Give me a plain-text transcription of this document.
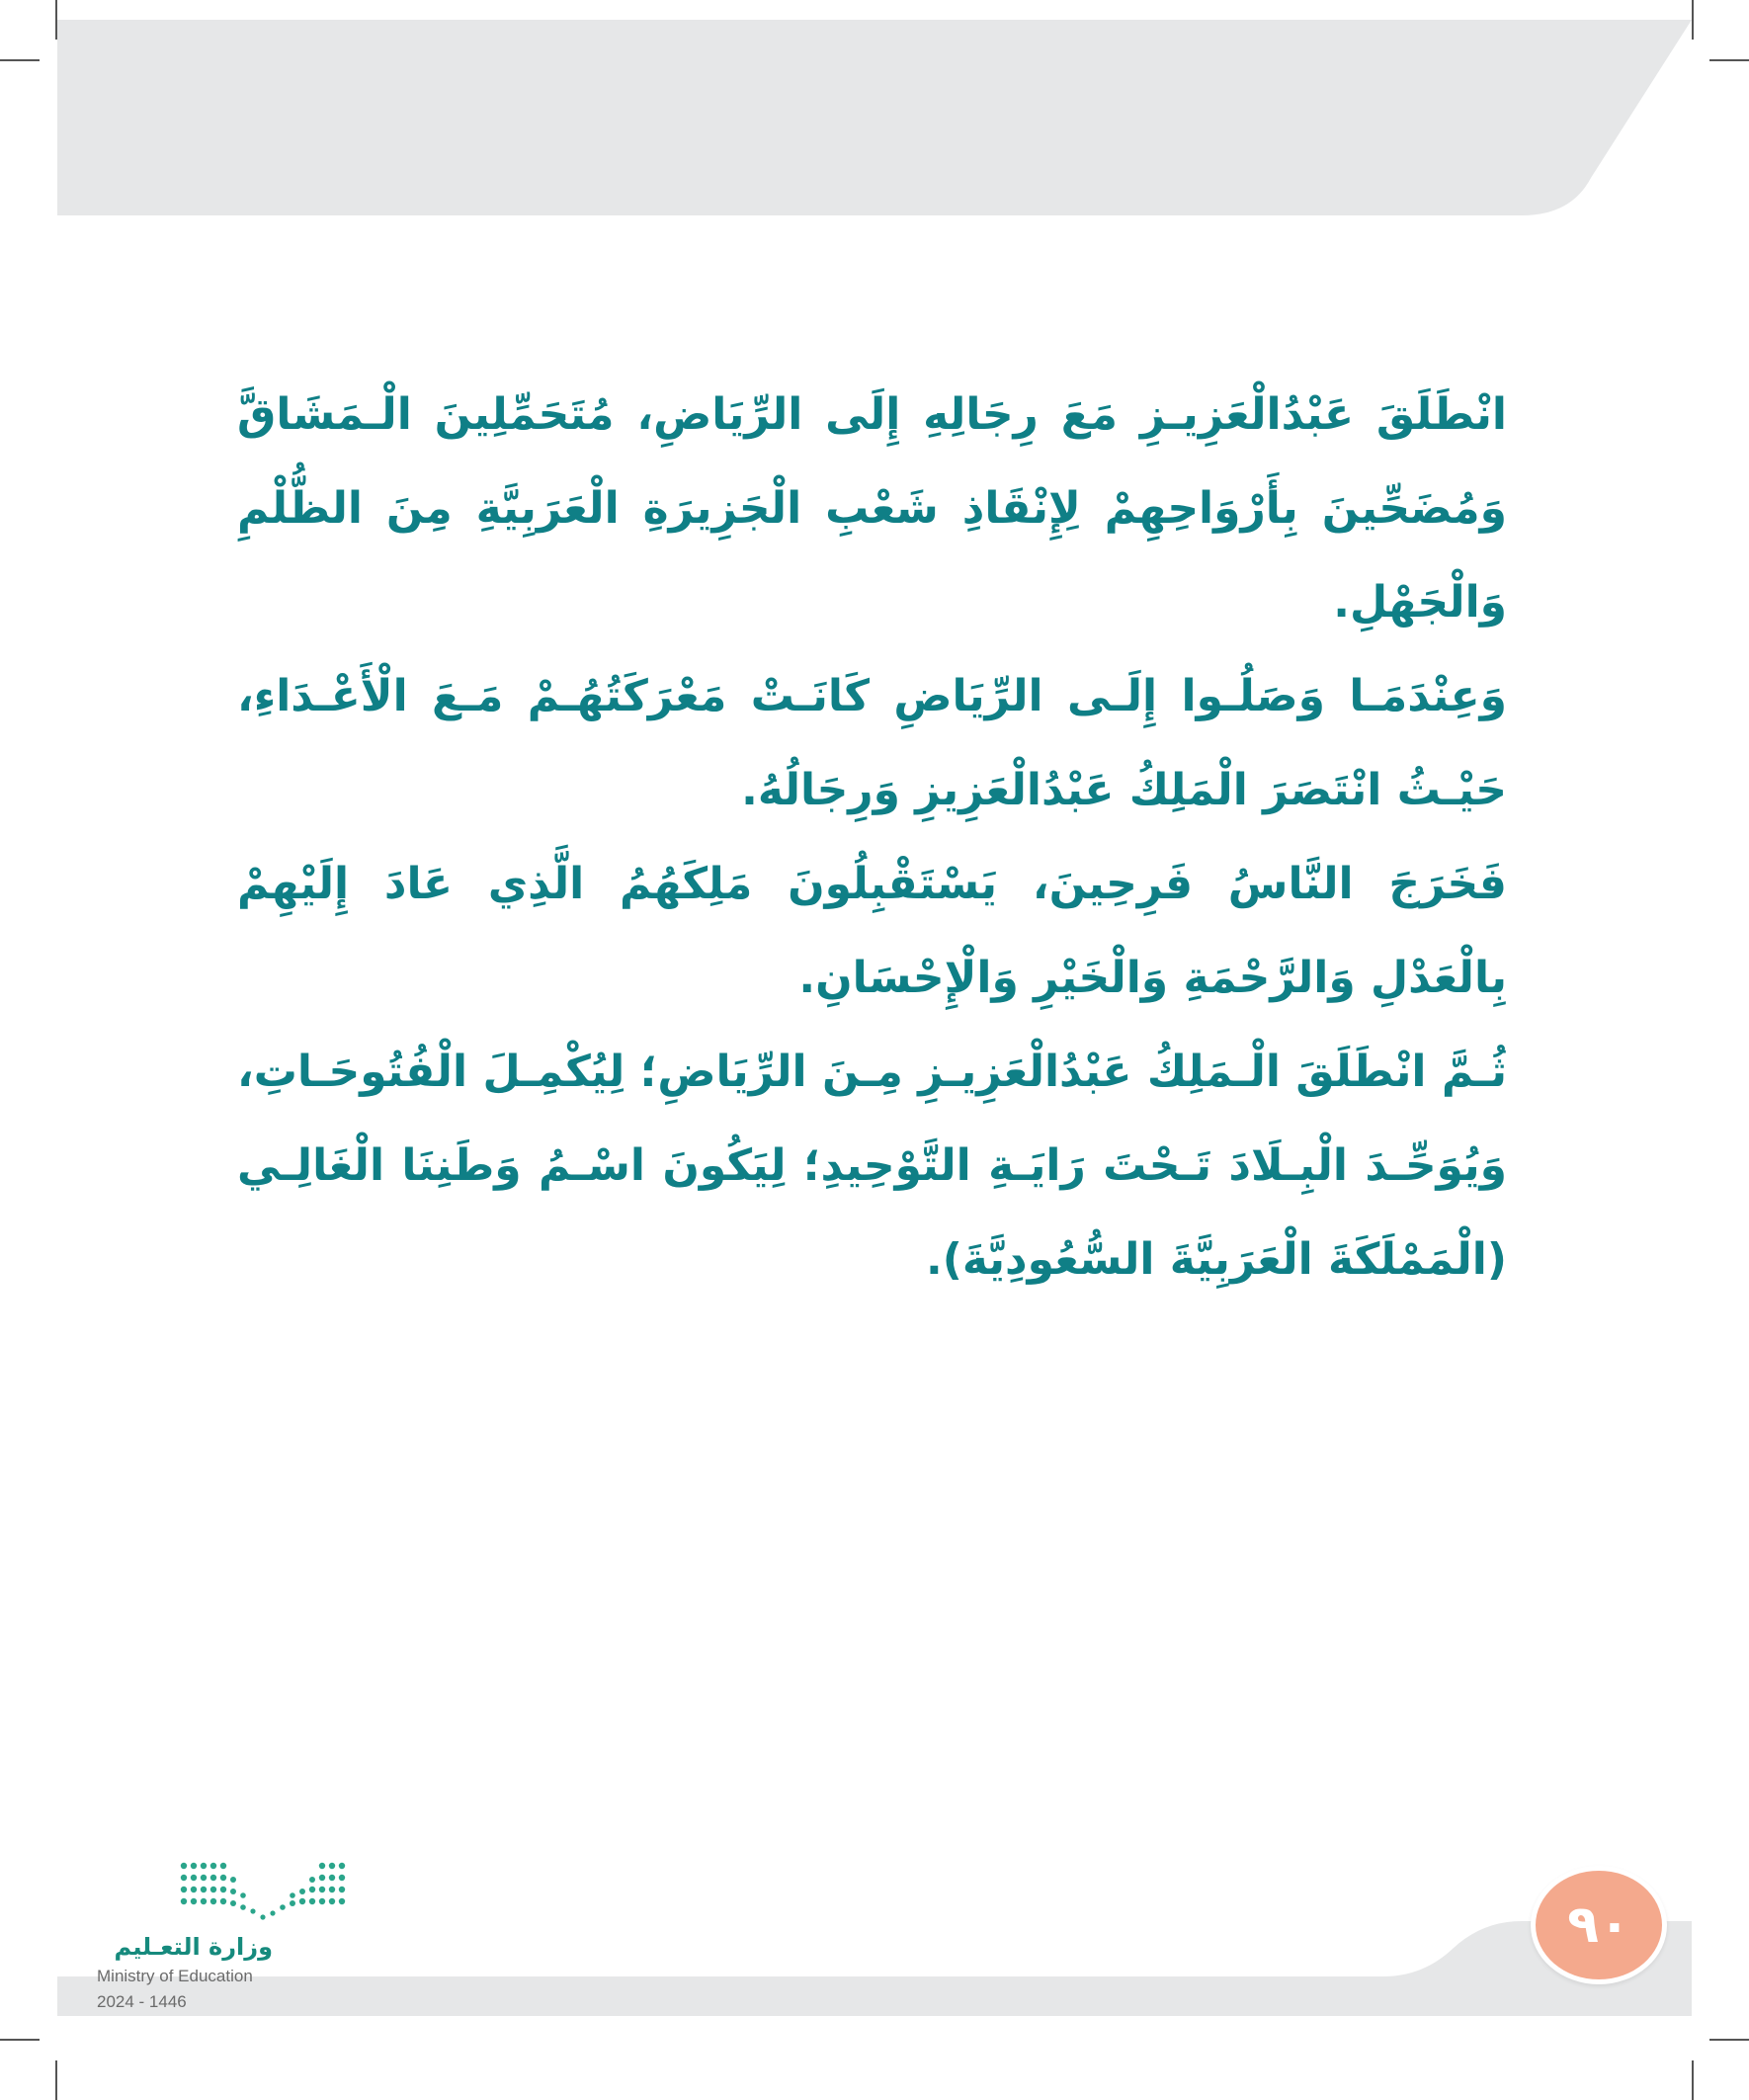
انْطَلَقَ عَبْدُالْعَزِيـزِ مَعَ رِجَالِهِ إِلَى الرِّيَاضِ، مُتَحَمِّلِينَ الْـمَشَاقَّ وَمُضَحِّينَ بِأَرْوَاحِهِمْ لِإِنْقَاذِ شَعْبِ الْجَزِيرَةِ الْعَرَبِيَّةِ مِنَ الظُّلْمِ وَالْجَهْلِ.

وَعِنْدَمَـا وَصَلُـوا إِلَـى الرِّيَاضِ كَانَـتْ مَعْرَكَتُهُـمْ مَـعَ الْأَعْـدَاءِ، حَيْـثُ انْتَصَرَ الْمَلِكُ عَبْدُالْعَزِيزِ وَرِجَالُهُ.

فَخَرَجَ النَّاسُ فَرِحِينَ، يَسْتَقْبِلُونَ مَلِكَهُمُ الَّذِي عَادَ إِلَيْهِمْ بِالْعَدْلِ وَالرَّحْمَةِ وَالْخَيْرِ وَالْإِحْسَانِ.

ثُـمَّ انْطَلَقَ الْـمَلِكُ عَبْدُالْعَزِيـزِ مِـنَ الرِّيَاضِ؛ لِيُكْمِـلَ الْفُتُوحَـاتِ، وَيُوَحِّـدَ الْبِـلَادَ تَـحْتَ رَايَـةِ التَّوْحِيدِ؛ لِيَكُونَ اسْـمُ وَطَنِنَا الْغَالِـي (الْمَمْلَكَةَ الْعَرَبِيَّةَ السُّعُودِيَّةَ).

٩٠
وزارة التعـليم
Ministry of Education
2024 - 1446
